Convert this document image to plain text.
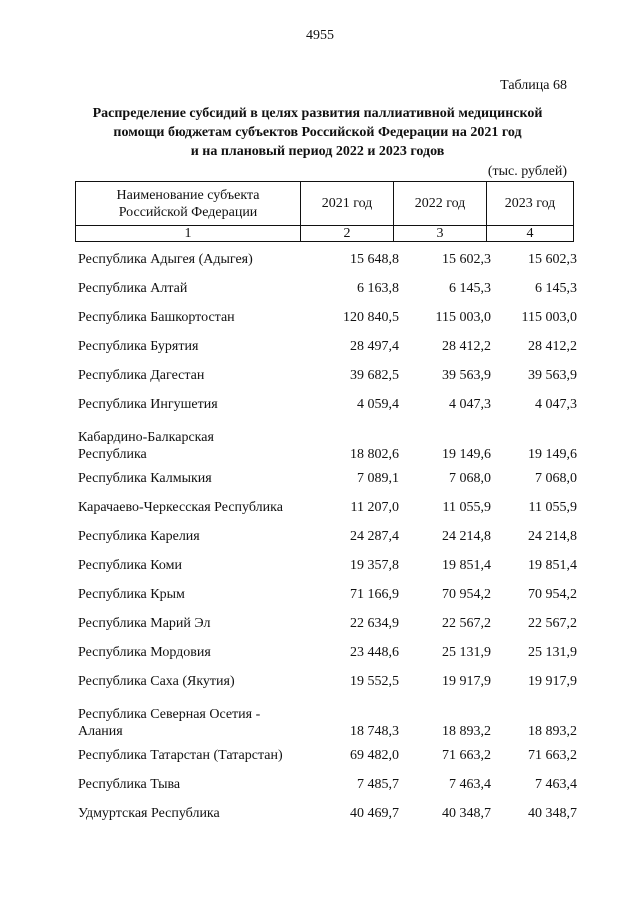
4955
Таблица 68
Распределение субсидий в целях развития паллиативной медицинской
помощи бюджетам субъектов Российской Федерации на 2021 год
и на плановый период 2022 и 2023 годов
(тыс. рублей)
Наименование субъекта
Российской Федерации	2021 год	2022 год	2023 год
1	2	3	4
Республика Адыгея (Адыгея)	15 648,8	15 602,3	15 602,3

Республика Алтай	6 163,8	6 145,3	6 145,3

Республика Башкортостан	120 840,5	115 003,0	115 003,0

Республика Бурятия	28 497,4	28 412,2	28 412,2

Республика Дагестан	39 682,5	39 563,9	39 563,9

Республика Ингушетия	4 059,4	4 047,3	4 047,3

Кабардино-Балкарская
Республика	18 802,6	19 149,6	19 149,6

Республика Калмыкия	7 089,1	7 068,0	7 068,0

Карачаево-Черкесская Республика	11 207,0	11 055,9	11 055,9

Республика Карелия	24 287,4	24 214,8	24 214,8

Республика Коми	19 357,8	19 851,4	19 851,4

Республика Крым	71 166,9	70 954,2	70 954,2

Республика Марий Эл	22 634,9	22 567,2	22 567,2

Республика Мордовия	23 448,6	25 131,9	25 131,9

Республика Саха (Якутия)	19 552,5	19 917,9	19 917,9

Республика Северная Осетия -
Алания	18 748,3	18 893,2	18 893,2

Республика Татарстан (Татарстан)	69 482,0	71 663,2	71 663,2

Республика Тыва	7 485,7	7 463,4	7 463,4

Удмуртская Республика	40 469,7	40 348,7	40 348,7
